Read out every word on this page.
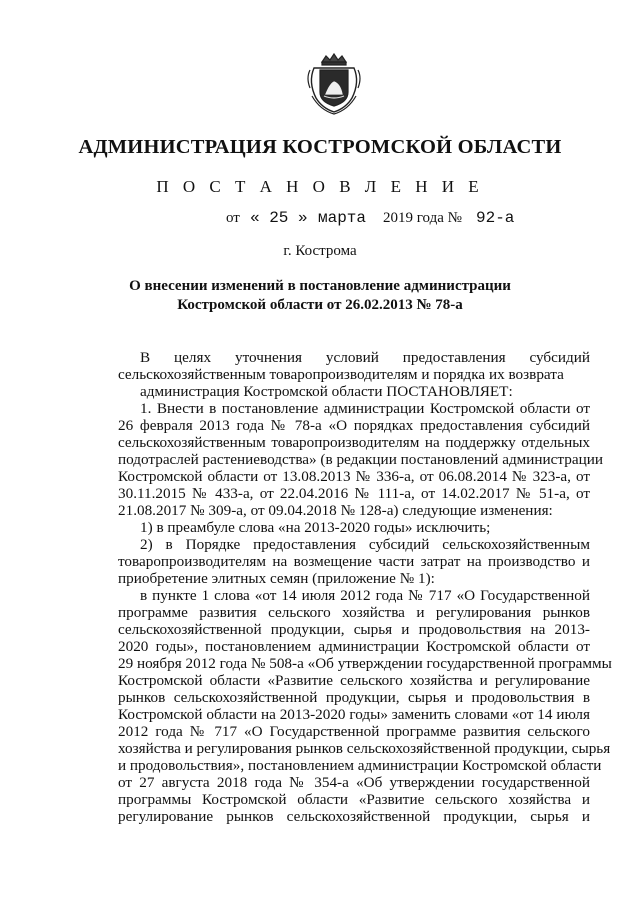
АДМИНИСТРАЦИЯ КОСТРОМСКОЙ ОБЛАСТИ
П О С Т А Н О В Л Е Н И Е
от « 25 » марта 2019 года № 92-а
г. Кострома
О внесении изменений в постановление администрации
Костромской области от 26.02.2013 № 78-а
В целях уточнения условий предоставления субсидий
сельскохозяйственным товаропроизводителям и порядка их возврата
администрация Костромской области ПОСТАНОВЛЯЕТ:
1. Внести в постановление администрации Костромской области от
26 февраля 2013 года № 78-а «О порядках предоставления субсидий
сельскохозяйственным товаропроизводителям на поддержку отдельных
подотраслей растениеводства» (в редакции постановлений администрации
Костромской области от 13.08.2013 № 336-а, от 06.08.2014 № 323-а, от
30.11.2015 № 433-а, от 22.04.2016 № 111-а, от 14.02.2017 № 51-а, от
21.08.2017 № 309-а, от 09.04.2018 № 128-а) следующие изменения:
1) в преамбуле слова «на 2013-2020 годы» исключить;
2) в Порядке предоставления субсидий сельскохозяйственным
товаропроизводителям на возмещение части затрат на производство и
приобретение элитных семян (приложение № 1):
в пункте 1 слова «от 14 июля 2012 года № 717 «О Государственной
программе развития сельского хозяйства и регулирования рынков
сельскохозяйственной продукции, сырья и продовольствия на 2013-
2020 годы», постановлением администрации Костромской области от
29 ноября 2012 года № 508-а «Об утверждении государственной программы
Костромской области «Развитие сельского хозяйства и регулирование
рынков сельскохозяйственной продукции, сырья и продовольствия в
Костромской области на 2013-2020 годы» заменить словами «от 14 июля
2012 года № 717 «О Государственной программе развития сельского
хозяйства и регулирования рынков сельскохозяйственной продукции, сырья
и продовольствия», постановлением администрации Костромской области
от 27 августа 2018 года № 354-а «Об утверждении государственной
программы Костромской области «Развитие сельского хозяйства и
регулирование рынков сельскохозяйственной продукции, сырья и
